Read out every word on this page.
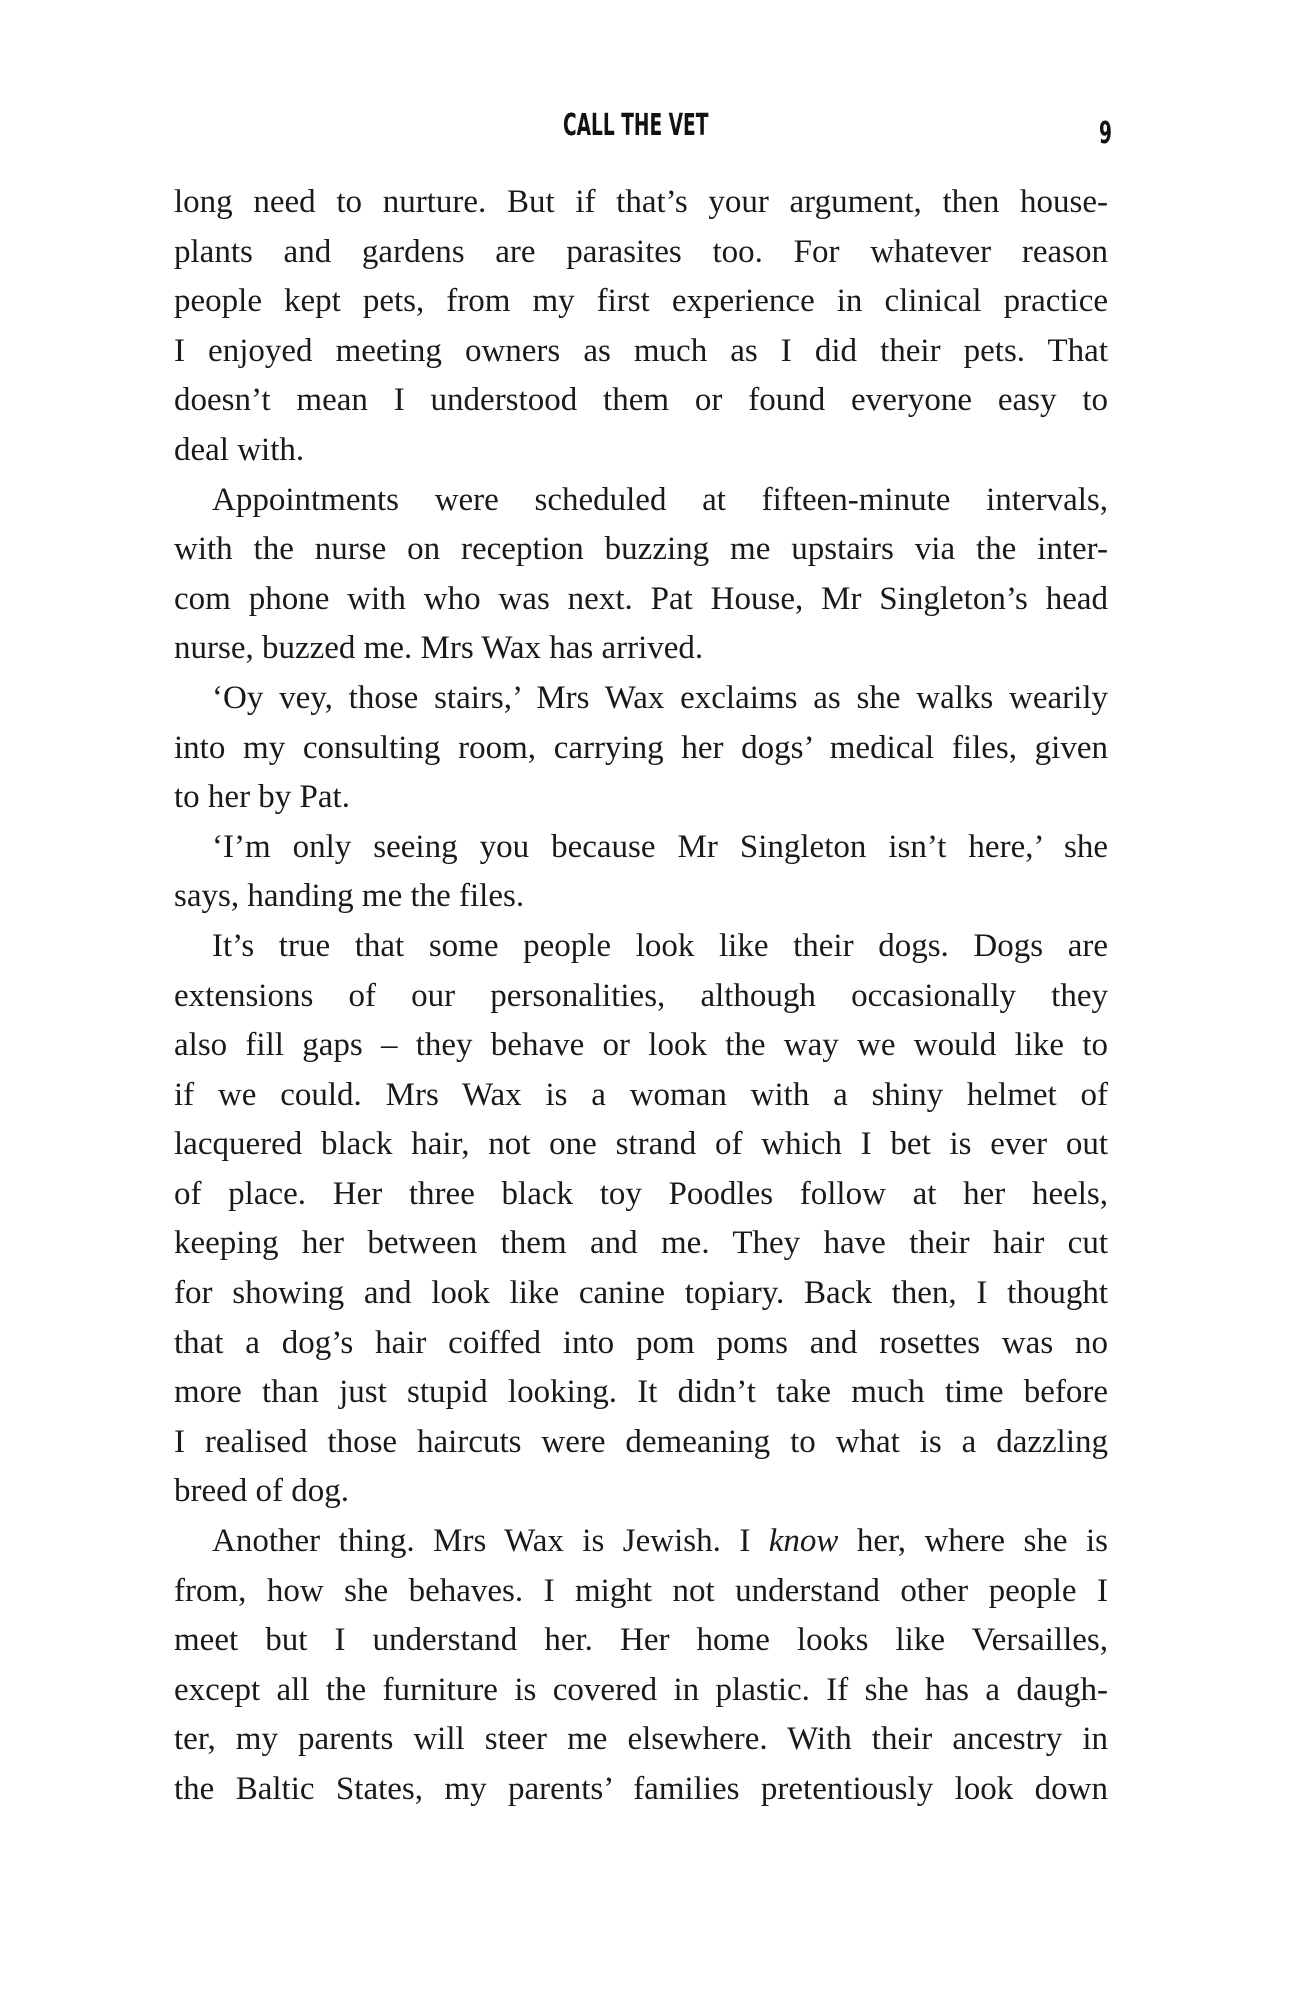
CALL THE VET	9
long need to nurture. But if that’s your argument, then house-
plants and gardens are parasites too. For whatever reason
people kept pets, from my first experience in clinical practice
I enjoyed meeting owners as much as I did their pets. That
doesn’t mean I understood them or found everyone easy to
deal with.
Appointments were scheduled at fifteen-minute intervals,
with the nurse on reception buzzing me upstairs via the inter-
com phone with who was next. Pat House, Mr Singleton’s head
nurse, buzzed me. Mrs Wax has arrived.
‘Oy vey, those stairs,’ Mrs Wax exclaims as she walks wearily
into my consulting room, carrying her dogs’ medical files, given
to her by Pat.
‘I’m only seeing you because Mr Singleton isn’t here,’ she
says, handing me the files.
It’s true that some people look like their dogs. Dogs are
extensions of our personalities, although occasionally they
also fill gaps – they behave or look the way we would like to
if we could. Mrs Wax is a woman with a shiny helmet of
lacquered black hair, not one strand of which I bet is ever out
of place. Her three black toy Poodles follow at her heels,
keeping her between them and me. They have their hair cut
for showing and look like canine topiary. Back then, I thought
that a dog’s hair coiffed into pom poms and rosettes was no
more than just stupid looking. It didn’t take much time before
I realised those haircuts were demeaning to what is a dazzling
breed of dog.
Another thing. Mrs Wax is Jewish. I know her, where she is
from, how she behaves. I might not understand other people I
meet but I understand her. Her home looks like Versailles,
except all the furniture is covered in plastic. If she has a daugh-
ter, my parents will steer me elsewhere. With their ancestry in
the Baltic States, my parents’ families pretentiously look down
